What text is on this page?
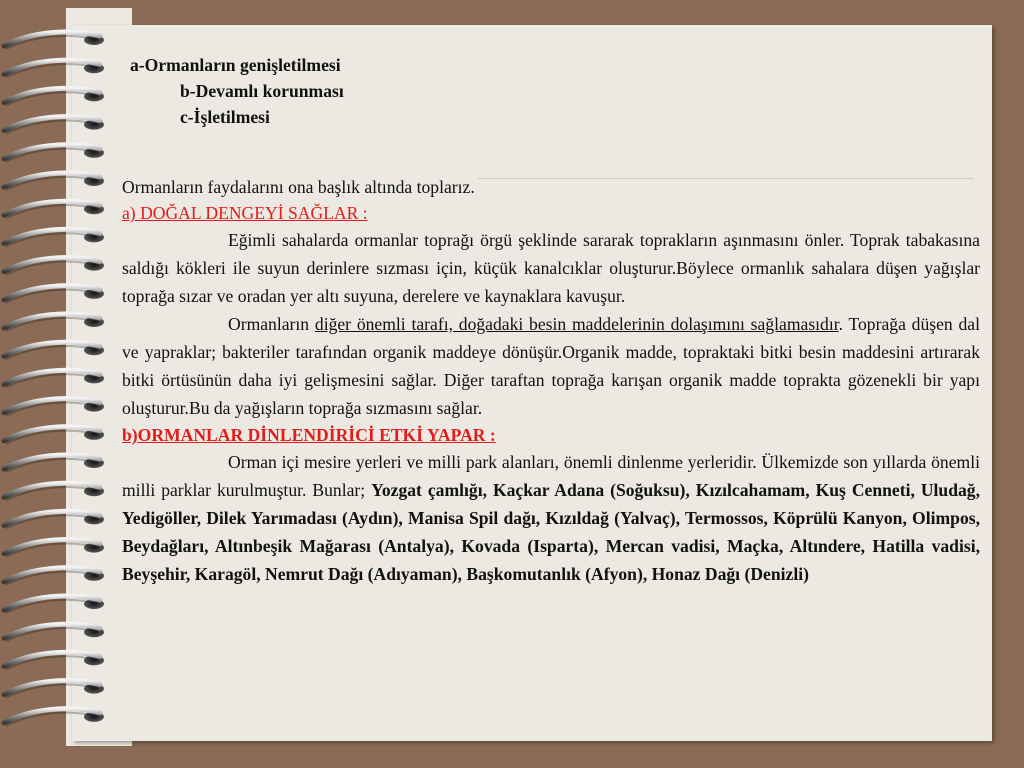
a-Ormanların genişletilmesi
b-Devamlı korunması
c-İşletilmesi
Ormanların faydalarını ona başlık altında toplarız.
a) DOĞAL DENGEYİ SAĞLAR :
Eğimli sahalarda ormanlar toprağı örgü şeklinde sararak toprakların aşınmasını önler. Toprak tabakasına saldığı kökleri ile suyun derinlere sızması için, küçük kanalcıklar oluşturur.Böylece ormanlık sahalara düşen yağışlar toprağa sızar ve oradan yer altı suyuna, derelere ve kaynaklara kavuşur.
Ormanların diğer önemli tarafı, doğadaki besin maddelerinin dolaşımını sağlamasıdır. Toprağa düşen dal ve yapraklar; bakteriler tarafından organik maddeye dönüşür.Organik madde, topraktaki bitki besin maddesini artırarak bitki örtüsünün daha iyi gelişmesini sağlar. Diğer taraftan toprağa karışan organik madde toprakta gözenekli bir yapı oluşturur.Bu da yağışların toprağa sızmasını sağlar.
b)ORMANLAR DİNLENDİRİCİ ETKİ YAPAR :
Orman içi mesire yerleri ve milli park alanları, önemli dinlenme yerleridir. Ülkemizde son yıllarda önemli milli parklar kurulmuştur. Bunlar; Yozgat çamlığı, Kaçkar Adana (Soğuksu), Kızılcahamam, Kuş Cenneti, Uludağ, Yedigöller, Dilek Yarımadası (Aydın), Manisa Spil dağı, Kızıldağ (Yalvaç), Termossos, Köprülü Kanyon, Olimpos, Beydağları, Altınbeşik Mağarası (Antalya), Kovada (Isparta), Mercan vadisi, Maçka, Altındere, Hatilla vadisi, Beyşehir, Karagöl, Nemrut Dağı (Adıyaman), Başkomutanlık (Afyon), Honaz Dağı (Denizli)
